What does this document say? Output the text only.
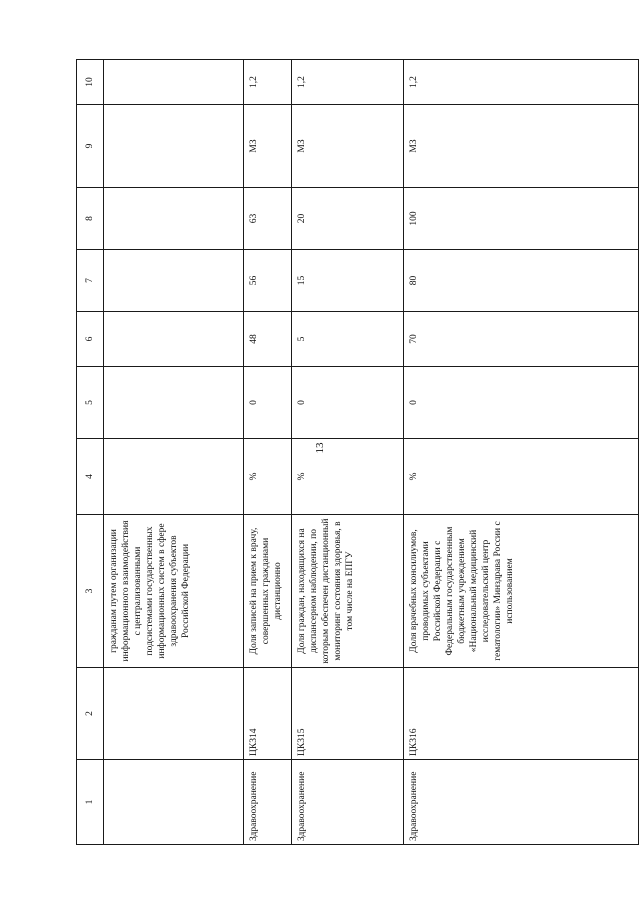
13
1	2	3	4	5	6	7	8	9	10
		гражданам путем организации информационного взаимодействия с централизованными подсистемами государственных информационных систем в сфере здравоохранения субъектов Российской Федерации							
Здравоохранение	ЦК314	Доля записей на прием к врачу, совершенных гражданами дистанционно	%	0	48	56	63	МЗ	1,2
Здравоохранение	ЦК315	Доля граждан, находящихся на диспансерном наблюдении, по которым обеспечен дистанционный мониторинг состояния здоровья, в том числе на ЕПГУ	%	0	5	15	20	МЗ	1,2
Здравоохранение	ЦК316	Доля врачебных консилиумов, проводимых субъектами Российской Федерации с Федеральным государственным бюджетным учреждением «Национальный медицинский исследовательский центр гематологии» Минздрава России с использованием	%	0	70	80	100	МЗ	1,2
